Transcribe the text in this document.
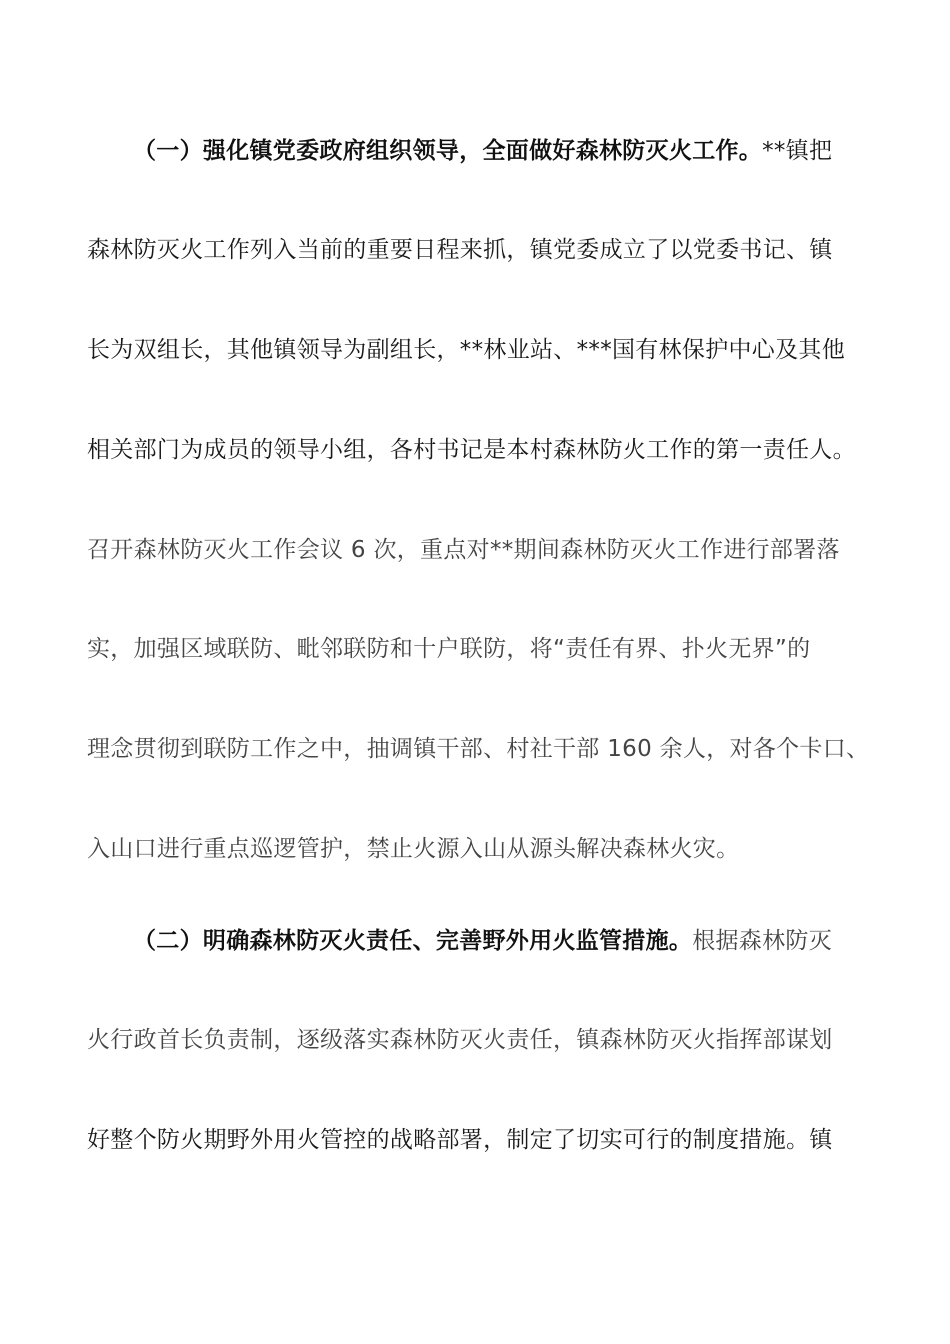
（一）强化镇党委政府组织领导，全面做好森林防灭火工作。**镇把
森林防灭火工作列入当前的重要日程来抓，镇党委成立了以党委书记、镇
长为双组长，其他镇领导为副组长，**林业站、***国有林保护中心及其他
相关部门为成员的领导小组，各村书记是本村森林防火工作的第一责任人。
召开森林防灭火工作会议 6 次，重点对**期间森林防灭火工作进行部署落
实，加强区域联防、毗邻联防和十户联防，将“责任有界、扑火无界”的
理念贯彻到联防工作之中，抽调镇干部、村社干部 160 余人，对各个卡口、
入山口进行重点巡逻管护，禁止火源入山从源头解决森林火灾。
（二）明确森林防灭火责任、完善野外用火监管措施。根据森林防灭
火行政首长负责制，逐级落实森林防灭火责任，镇森林防灭火指挥部谋划
好整个防火期野外用火管控的战略部署，制定了切实可行的制度措施。镇
